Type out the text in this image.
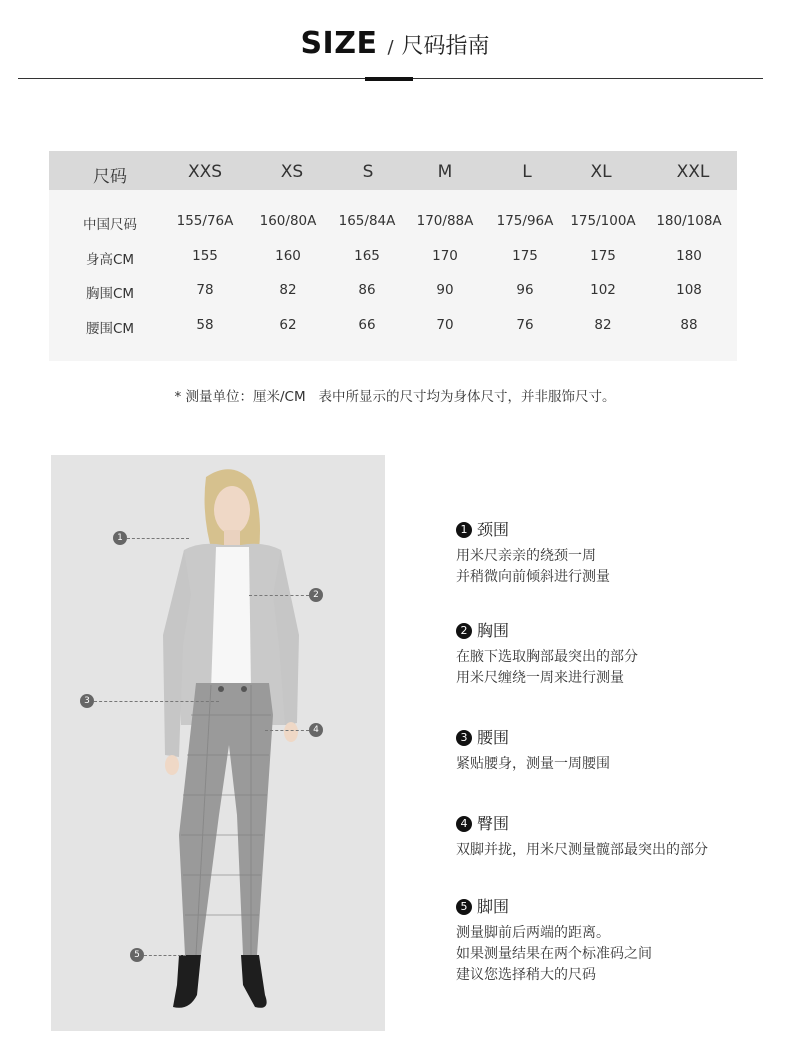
SIZE / 尺码指南
尺码	XXS	XS	S	M	L	XL	XXL
中国尺码	155/76A 160/80A 165/84A 170/88A 175/96A 175/100A 180/108A
身高CM	155	160	165	170	175	175	180
胸围CM	78	82	86	90	96	102	108
腰围CM	58	62	66	70	76	82	88
* 测量单位：厘米/CM   表中所显示的尺寸均为身体尺寸，并非服饰尺寸。
1
2
3
4
5
1 颈围
用米尺亲亲的绕颈一周
并稍微向前倾斜进行测量
2 胸围
在腋下选取胸部最突出的部分
用米尺缠绕一周来进行测量
3 腰围
紧贴腰身，测量一周腰围
4 臀围
双脚并拢，用米尺测量髋部最突出的部分
5 脚围
测量脚前后两端的距离。
如果测量结果在两个标准码之间
建议您选择稍大的尺码
